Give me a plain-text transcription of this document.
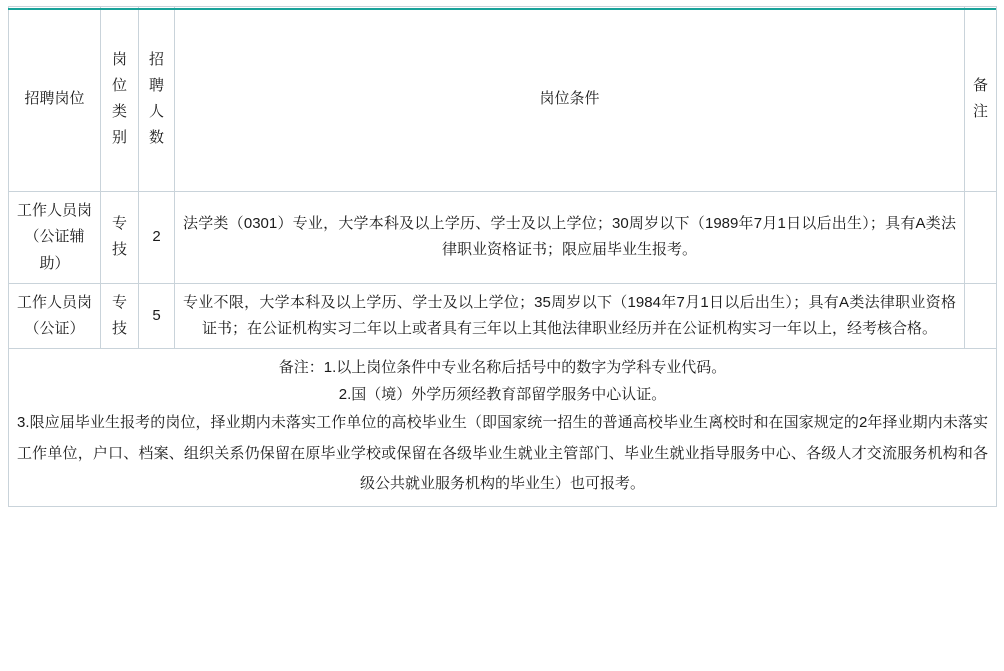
招聘岗位	岗位类别	招聘人数	岗位条件	备注
工作人员岗（公证辅助）	专技	2	法学类（0301）专业，大学本科及以上学历、学士及以上学位；30周岁以下（1989年7月1日以后出生）；具有A类法律职业资格证书；限应届毕业生报考。	
工作人员岗（公证）	专技	5	专业不限，大学本科及以上学历、学士及以上学位；35周岁以下（1984年7月1日以后出生）；具有A类法律职业资格证书；在公证机构实习二年以上或者具有三年以上其他法律职业经历并在公证机构实习一年以上，经考核合格。	

备注：1.以上岗位条件中专业名称后括号中的数字为学科专业代码。
2.国（境）外学历须经教育部留学服务中心认证。
3.限应届毕业生报考的岗位，择业期内未落实工作单位的高校毕业生（即国家统一招生的普通高校毕业生离校时和在国家规定的2年择业期内未落实工作单位，户口、档案、组织关系仍保留在原毕业学校或保留在各级毕业生就业主管部门、毕业生就业指导服务中心、各级人才交流服务机构和各级公共就业服务机构的毕业生）也可报考。				
